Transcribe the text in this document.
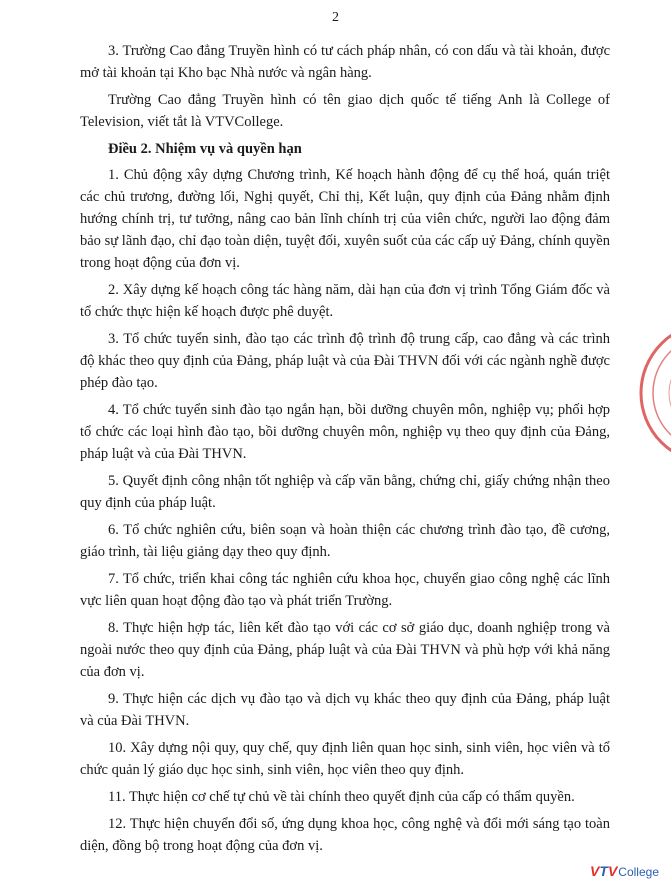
2

3. Trường Cao đẳng Truyền hình có tư cách pháp nhân, có con dấu và tài khoản, được mở tài khoản tại Kho bạc Nhà nước và ngân hàng.

Trường Cao đẳng Truyền hình có tên giao dịch quốc tế tiếng Anh là College of Television, viết tắt là VTVCollege.

Điều 2. Nhiệm vụ và quyền hạn

1. Chủ động xây dựng Chương trình, Kế hoạch hành động để cụ thể hoá, quán triệt các chủ trương, đường lối, Nghị quyết, Chỉ thị, Kết luận, quy định của Đảng nhằm định hướng chính trị, tư tưởng, nâng cao bản lĩnh chính trị của viên chức, người lao động đảm bảo sự lãnh đạo, chỉ đạo toàn diện, tuyệt đối, xuyên suốt của các cấp uỷ Đảng, chính quyền trong hoạt động của đơn vị.

2. Xây dựng kế hoạch công tác hàng năm, dài hạn của đơn vị trình Tổng Giám đốc và tổ chức thực hiện kế hoạch được phê duyệt.

3. Tổ chức tuyển sinh, đào tạo các trình độ trình độ trung cấp, cao đẳng và các trình độ khác theo quy định của Đảng, pháp luật và của Đài THVN đối với các ngành nghề được phép đào tạo.

4. Tổ chức tuyển sinh đào tạo ngắn hạn, bồi dưỡng chuyên môn, nghiệp vụ; phối hợp tổ chức các loại hình đào tạo, bồi dưỡng chuyên môn, nghiệp vụ theo quy định của Đảng, pháp luật và của Đài THVN.

5. Quyết định công nhận tốt nghiệp và cấp văn bằng, chứng chỉ, giấy chứng nhận theo quy định của pháp luật.

6. Tổ chức nghiên cứu, biên soạn và hoàn thiện các chương trình đào tạo, đề cương, giáo trình, tài liệu giảng dạy theo quy định.

7. Tổ chức, triển khai công tác nghiên cứu khoa học, chuyển giao công nghệ các lĩnh vực liên quan hoạt động đào tạo và phát triển Trường.

8. Thực hiện hợp tác, liên kết đào tạo với các cơ sở giáo dục, doanh nghiệp trong và ngoài nước theo quy định của Đảng, pháp luật và của Đài THVN và phù hợp với khả năng của đơn vị.

9. Thực hiện các dịch vụ đào tạo và dịch vụ khác theo quy định của Đảng, pháp luật và của Đài THVN.

10. Xây dựng nội quy, quy chế, quy định liên quan học sinh, sinh viên, học viên và tổ chức quản lý giáo dục học sinh, sinh viên, học viên theo quy định.

11. Thực hiện cơ chế tự chủ về tài chính theo quyết định của cấp có thẩm quyền.

12. Thực hiện chuyển đổi số, ứng dụng khoa học, công nghệ và đổi mới sáng tạo toàn diện, đồng bộ trong hoạt động của đơn vị.

V T V College
